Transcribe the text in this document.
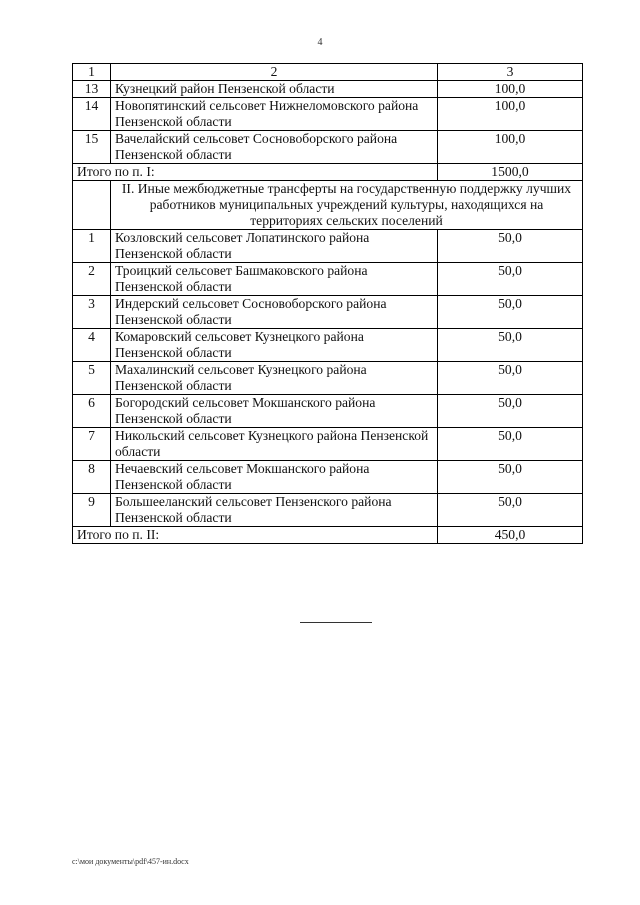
4
1	2	3
13	Кузнецкий район Пензенской области	100,0
14	Новопятинский сельсовет Нижнеломовского района Пензенской области	100,0
15	Вачелайский сельсовет Сосновоборского района Пензенской области	100,0
Итого по п. I:		1500,0
	II. Иные межбюджетные трансферты на государственную поддержку лучших работников муниципальных учреждений культуры, находящихся на территориях сельских поселений	
1	Козловский сельсовет Лопатинского района Пензенской области	50,0
2	Троицкий сельсовет Башмаковского района Пензенской области	50,0
3	Индерский сельсовет Сосновоборского района Пензенской области	50,0
4	Комаровский сельсовет Кузнецкого района Пензенской области	50,0
5	Махалинский сельсовет Кузнецкого района Пензенской области	50,0
6	Богородский сельсовет Мокшанского района Пензенской области	50,0
7	Никольский сельсовет Кузнецкого района Пензенской области	50,0
8	Нечаевский сельсовет Мокшанского района Пензенской области	50,0
9	Большееланский сельсовет Пензенского района Пензенской области	50,0
Итого по п. II:		450,0
c:\мои документы\pdf\457-ин.docx
